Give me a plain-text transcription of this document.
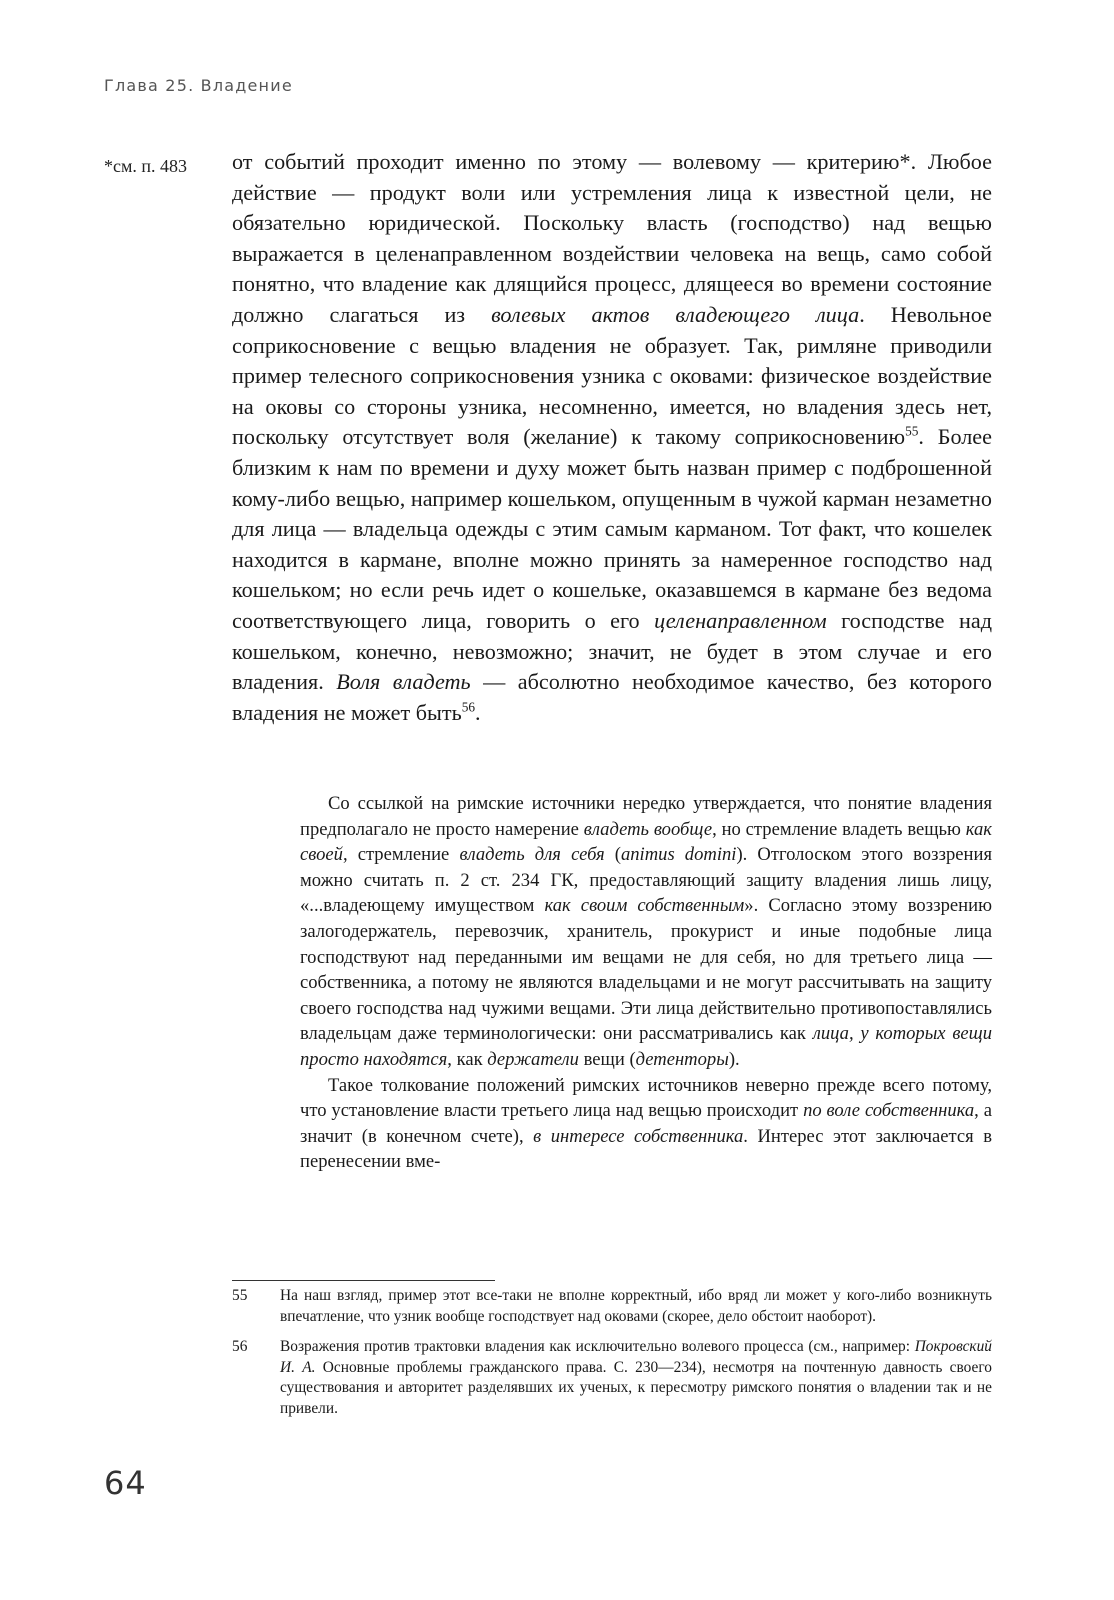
Глава 25. Владение
*см. п. 483 от событий проходит именно по этому — волевому — критерию*. Любое действие — продукт воли или устремления лица к известной цели, не обязательно юридической. Поскольку власть (господство) над вещью выражается в целенаправленном воздействии человека на вещь, само собой понятно, что владение как длящийся процесс, длящееся во времени состояние должно слагаться из волевых актов владеющего лица. Невольное соприкосновение с вещью владения не образует. Так, римляне приводили пример телесного соприкосновения узника с оковами: физическое воздействие на оковы со стороны узника, несомненно, имеется, но владения здесь нет, поскольку отсутствует воля (желание) к такому соприкосновению$^{55}$. Более близким к нам по времени и духу может быть назван пример с подброшенной кому-либо вещью, например кошельком, опущенным в чужой карман незаметно для лица — владельца одежды с этим самым карманом. Тот факт, что кошелек находится в кармане, вполне можно принять за намеренное господство над кошельком; но если речь идет о кошельке, оказавшемся в кармане без ведома соответствующего лица, говорить о его целенаправленном господстве над кошельком, конечно, невозможно; значит, не будет в этом случае и его владения. Воля владеть — абсолютно необходимое качество, без которого владения не может быть$^{56}$.

Со ссылкой на римские источники нередко утверждается, что понятие владения предполагало не просто намерение владеть вообще, но стремление владеть вещью как своей, стремление владеть для себя (animus domini). Отголоском этого воззрения можно считать п. 2 ст. 234 ГК, предоставляющий защиту владения лишь лицу, «...владеющему имуществом как своим собственным». Согласно этому воззрению залогодержатель, перевозчик, хранитель, прокурист и иные подобные лица господствуют над переданными им вещами не для себя, но для третьего лица — собственника, а потому не являются владельцами и не могут рассчитывать на защиту своего господства над чужими вещами. Эти лица действительно противопоставлялись владельцам даже терминологически: они рассматривались как лица, у которых вещи просто находятся, как держатели вещи (детенторы).

Такое толкование положений римских источников неверно прежде всего потому, что установление власти третьего лица над вещью происходит по воле собственника, а значит (в конечном счете), в интересе собственника. Интерес этот заключается в перенесении вме-

55	На наш взгляд, пример этот все-таки не вполне корректный, ибо вряд ли может у кого-либо возникнуть впечатление, что узник вообще господствует над оковами (скорее, дело обстоит наоборот).
56	Возражения против трактовки владения как исключительно волевого процесса (см., например: Покровский И. А. Основные проблемы гражданского права. С. 230—234), несмотря на почтенную давность своего существования и авторитет разделявших их ученых, к пересмотру римского понятия о владении так и не привели.
64
